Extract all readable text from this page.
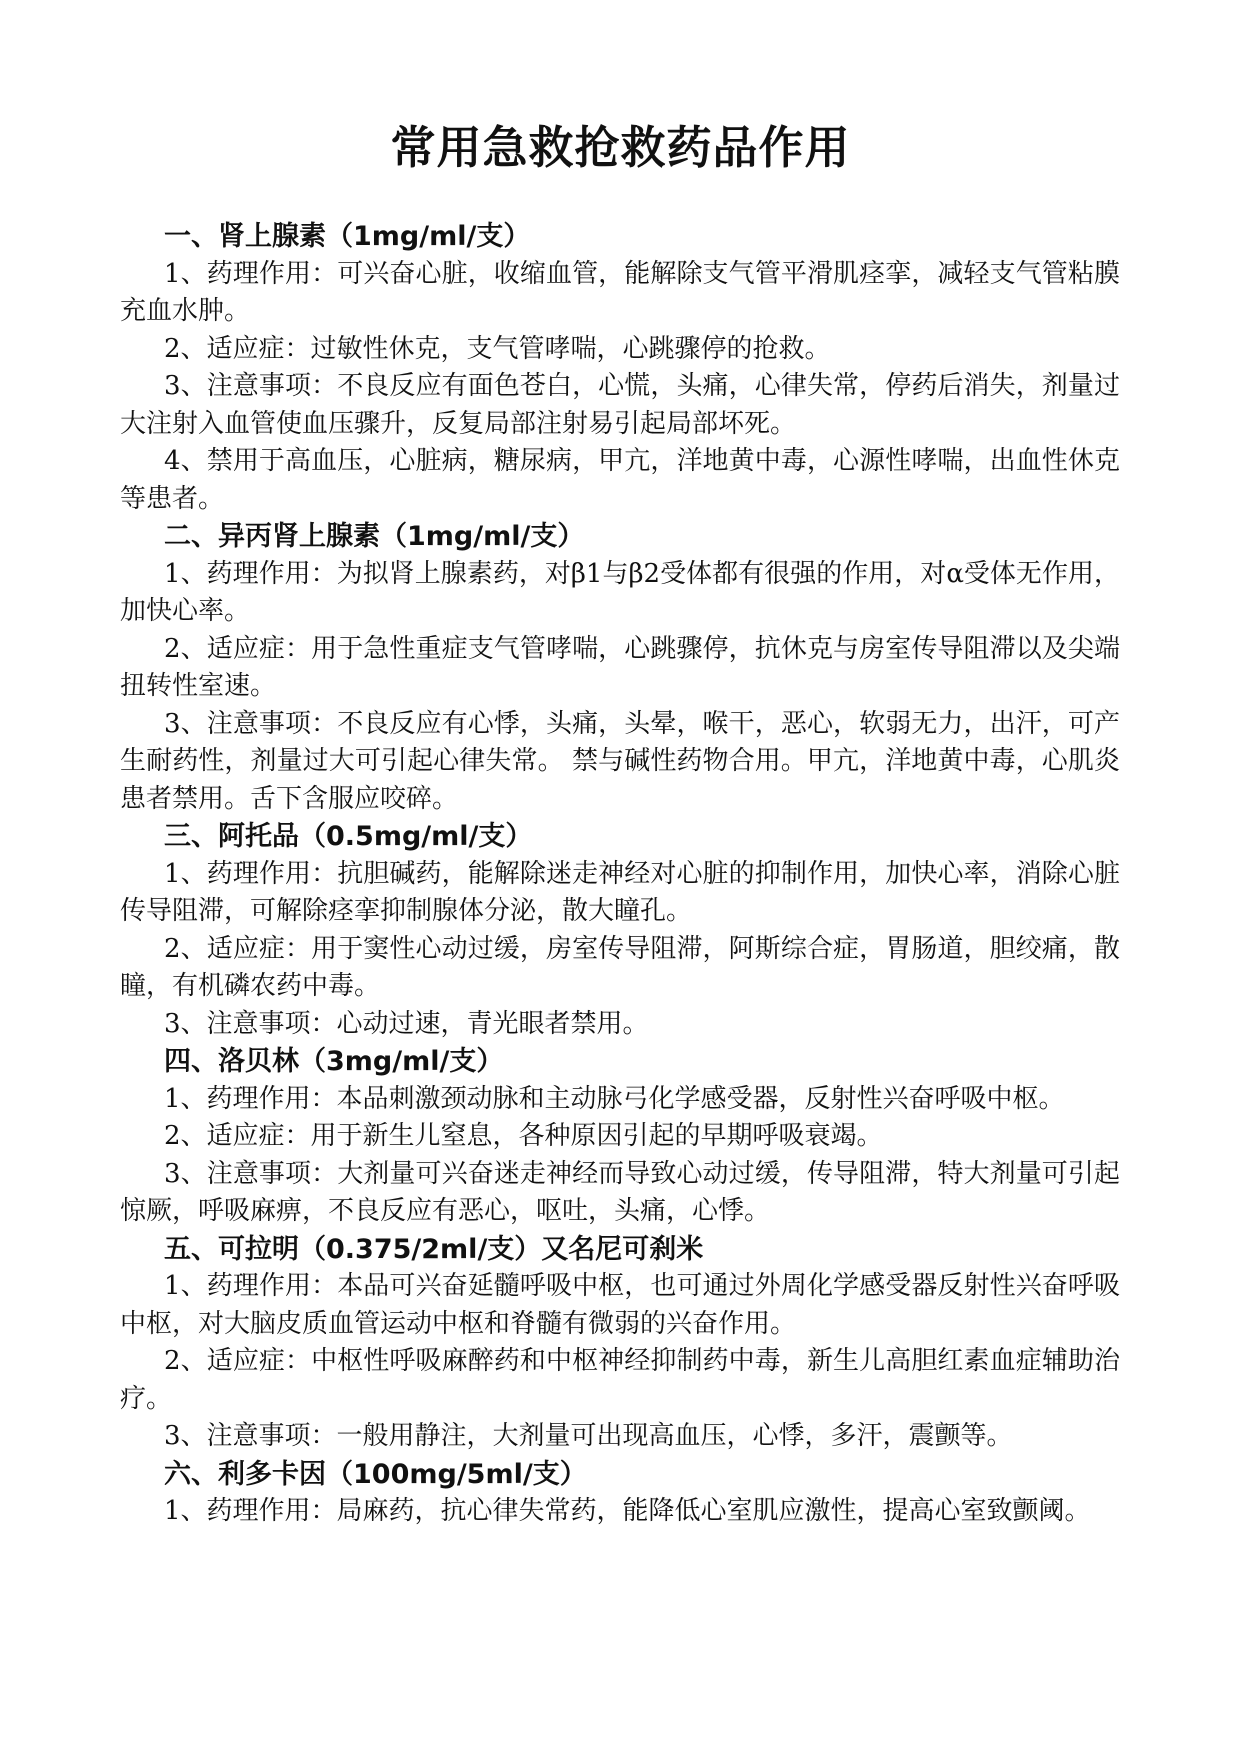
常用急救抢救药品作用

一、肾上腺素（1mg/ml/支）

1、药理作用：可兴奋心脏，收缩血管，能解除支气管平滑肌痉挛，减轻支气管粘膜充血水肿。

2、适应症：过敏性休克，支气管哮喘，心跳骤停的抢救。

3、注意事项：不良反应有面色苍白，心慌，头痛，心律失常，停药后消失，剂量过大注射入血管使血压骤升，反复局部注射易引起局部坏死。

4、禁用于高血压，心脏病，糖尿病，甲亢，洋地黄中毒，心源性哮喘，出血性休克等患者。

二、异丙肾上腺素（1mg/ml/支）

1、药理作用：为拟肾上腺素药，对β1与β2受体都有很强的作用，对α受体无作用，加快心率。

2、适应症：用于急性重症支气管哮喘，心跳骤停，抗休克与房室传导阻滞以及尖端扭转性室速。

3、注意事项：不良反应有心悸，头痛，头晕，喉干，恶心，软弱无力，出汗，可产生耐药性，剂量过大可引起心律失常。 禁与碱性药物合用。甲亢，洋地黄中毒，心肌炎患者禁用。舌下含服应咬碎。

三、阿托品（0.5mg/ml/支）

1、药理作用：抗胆碱药，能解除迷走神经对心脏的抑制作用，加快心率，消除心脏传导阻滞，可解除痉挛抑制腺体分泌，散大瞳孔。

2、适应症：用于窦性心动过缓，房室传导阻滞，阿斯综合症，胃肠道，胆绞痛，散瞳，有机磷农药中毒。

3、注意事项：心动过速，青光眼者禁用。

四、洛贝林（3mg/ml/支）

1、药理作用：本品刺激颈动脉和主动脉弓化学感受器，反射性兴奋呼吸中枢。

2、适应症：用于新生儿窒息，各种原因引起的早期呼吸衰竭。

3、注意事项：大剂量可兴奋迷走神经而导致心动过缓，传导阻滞，特大剂量可引起惊厥，呼吸麻痹，不良反应有恶心，呕吐，头痛，心悸。

五、可拉明（0.375/2ml/支）又名尼可刹米

1、药理作用：本品可兴奋延髓呼吸中枢，也可通过外周化学感受器反射性兴奋呼吸中枢，对大脑皮质血管运动中枢和脊髓有微弱的兴奋作用。

2、适应症：中枢性呼吸麻醉药和中枢神经抑制药中毒，新生儿高胆红素血症辅助治疗。

3、注意事项：一般用静注，大剂量可出现高血压，心悸，多汗，震颤等。

六、利多卡因（100mg/5ml/支）

1、药理作用：局麻药，抗心律失常药，能降低心室肌应激性，提高心室致颤阈。
